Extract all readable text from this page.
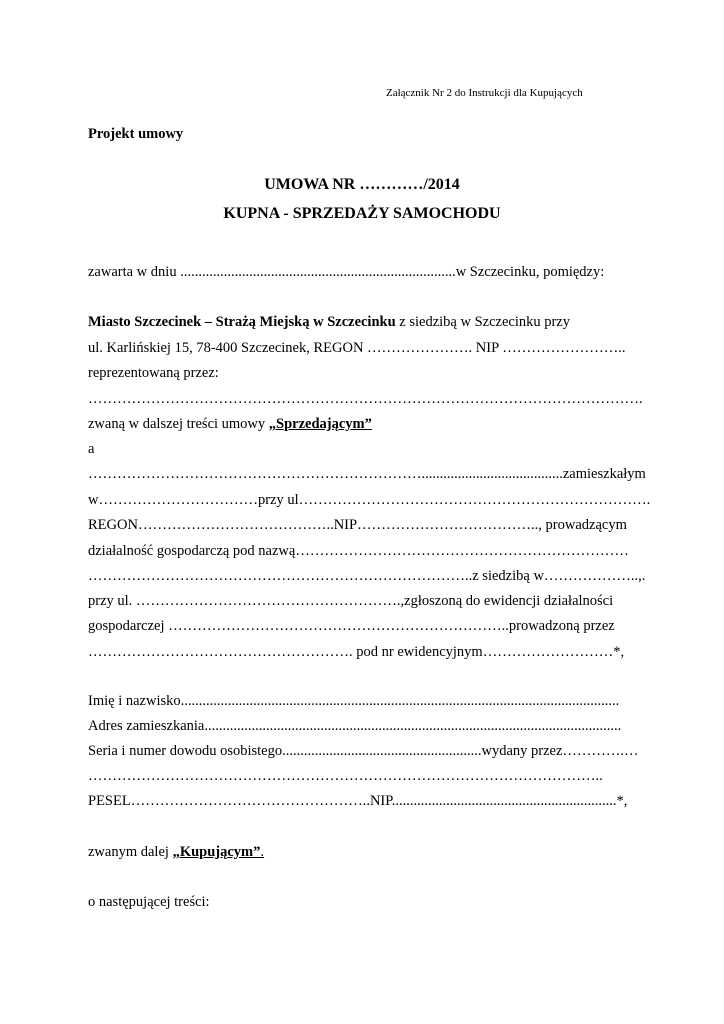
Załącznik Nr 2 do Instrukcji dla Kupujących
Projekt umowy
UMOWA NR …………/2014
KUPNA - SPRZEDAŻY SAMOCHODU
zawarta w dniu ............................................................................w Szczecinku, pomiędzy:
Miasto Szczecinek – Strażą Miejską w Szczecinku z siedzibą w Szczecinku przy
ul. Karlińskiej 15, 78-400 Szczecinek, REGON …………………. NIP ……………………..
reprezentowaną przez:
…………………………………………………………………………………………………….
zwaną w dalszej treści umowy „Sprzedającym”
a
…………………………………………………………….......................................zamieszkałym
w……………………………przy ul……………………………………………………………….
REGON…………………………………..NIP……………………………….., prowadzącym
działalność gospodarczą pod nazwą……………………………………………………………
……………………………………………………………………..z siedzibą w………………..,.
przy ul. ……………………………………………….,zgłoszoną do ewidencji działalności
gospodarczej ……………………………………………………………..prowadzoną przez
………………………………………………. pod nr ewidencyjnym………………………*,
Imię i nazwisko.........................................................................................................................
Adres zamieszkania...................................................................................................................
Seria i numer dowodu osobistego.......................................................wydany przez………….…
……………………………………………………………………………………………..
PESEL…………………………………………..NIP..............................................................*,
zwanym dalej „Kupującym”.
o następującej treści:
